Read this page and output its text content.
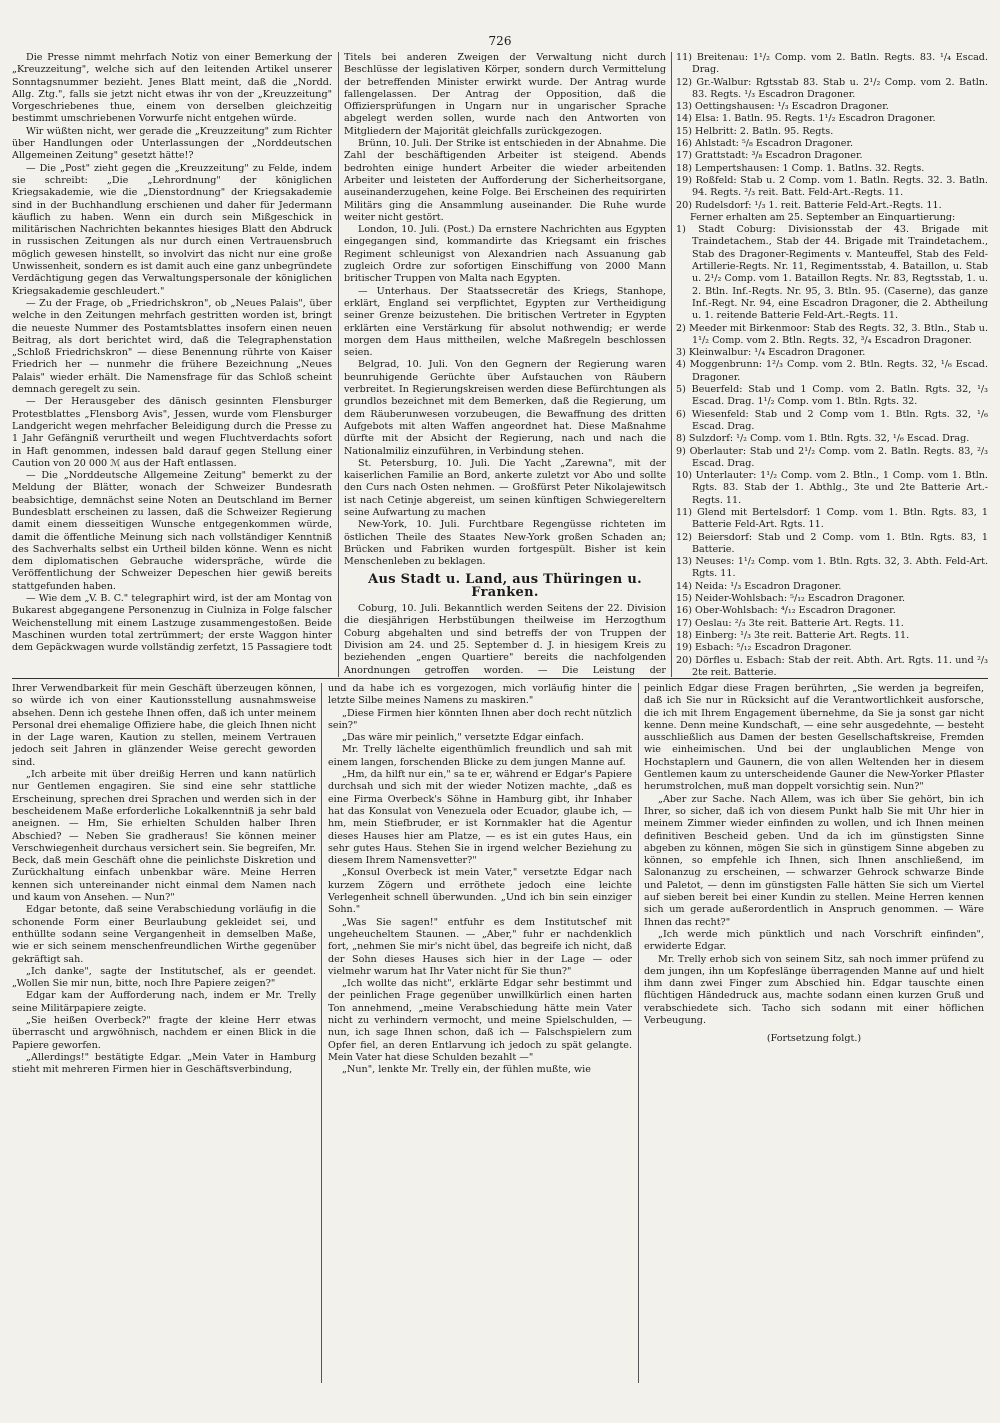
726

Die Presse nimmt mehrfach Notiz von einer Bemerkung der „Kreuzzeitung", welche sich auf den leitenden Artikel unserer Sonntagsnummer bezieht. Jenes Blatt meint, daß die „Nordd. Allg. Ztg.", falls sie jetzt nicht etwas ihr von der „Kreuzzeitung" Vorgeschriebenes thue, einem von derselben gleichzeitig bestimmt umschriebenen Vorwurfe nicht entgehen würde.

Wir wüßten nicht, wer gerade die „Kreuzzeitung" zum Richter über Handlungen oder Unterlassungen der „Norddeutschen Allgemeinen Zeitung" gesetzt hätte!?

— Die „Post" zieht gegen die „Kreuzzeitung" zu Felde, indem sie schreibt: „Die „Lehrordnung" der königlichen Kriegsakademie, wie die „Dienstordnung" der Kriegsakademie sind in der Buchhandlung erschienen und daher für Jedermann käuflich zu haben. Wenn ein durch sein Mißgeschick in militärischen Nachrichten bekanntes hiesiges Blatt den Abdruck in russischen Zeitungen als nur durch einen Vertrauensbruch möglich gewesen hinstellt, so involvirt das nicht nur eine große Unwissenheit, sondern es ist damit auch eine ganz unbegründete Verdächtigung gegen das Verwaltungspersonale der königlichen Kriegsakademie geschleudert."

— Zu der Frage, ob „Friedrichskron", ob „Neues Palais", über welche in den Zeitungen mehrfach gestritten worden ist, bringt die neueste Nummer des Postamtsblattes insofern einen neuen Beitrag, als dort berichtet wird, daß die Telegraphenstation „Schloß Friedrichskron" — diese Benennung rührte von Kaiser Friedrich her — nunmehr die frühere Bezeichnung „Neues Palais" wieder erhält. Die Namensfrage für das Schloß scheint demnach geregelt zu sein.

— Der Herausgeber des dänisch gesinnten Flensburger Protestblattes „Flensborg Avis", Jessen, wurde vom Flensburger Landgericht wegen mehrfacher Beleidigung durch die Presse zu 1 Jahr Gefängniß verurtheilt und wegen Fluchtverdachts sofort in Haft genommen, indessen bald darauf gegen Stellung einer Caution von 20 000 ℳ aus der Haft entlassen.

— Die „Norddeutsche Allgemeine Zeitung" bemerkt zu der Meldung der Blätter, wonach der Schweizer Bundesrath beabsichtige, demnächst seine Noten an Deutschland im Berner Bundesblatt erscheinen zu lassen, daß die Schweizer Regierung damit einem diesseitigen Wunsche entgegenkommen würde, damit die öffentliche Meinung sich nach vollständiger Kenntniß des Sachverhalts selbst ein Urtheil bilden könne. Wenn es nicht dem diplomatischen Gebrauche widerspräche, würde die Veröffentlichung der Schweizer Depeschen hier gewiß bereits stattgefunden haben.

— Wie dem „V. B. C." telegraphirt wird, ist der am Montag von Bukarest abgegangene Personenzug in Ciulniza in Folge falscher Weichenstellung mit einem Lastzuge zusammengestoßen. Beide Maschinen wurden total zertrümmert; der erste Waggon hinter dem Gepäckwagen wurde vollständig zerfetzt, 15 Passagiere todt

Titels bei anderen Zweigen der Verwaltung nicht durch Beschlüsse der legislativen Körper, sondern durch Vermittelung der betreffenden Minister erwirkt wurde. Der Antrag wurde fallengelassen. Der Antrag der Opposition, daß die Offiziersprüfungen in Ungarn nur in ungarischer Sprache abgelegt werden sollen, wurde nach den Antworten von Mitgliedern der Majorität gleichfalls zurückgezogen.

Brünn, 10. Juli. Der Strike ist entschieden in der Abnahme. Die Zahl der beschäftigenden Arbeiter ist steigend. Abends bedrohten einige hundert Arbeiter die wieder arbeitenden Arbeiter und leisteten der Aufforderung der Sicherheitsorgane, auseinanderzugehen, keine Folge. Bei Erscheinen des requirirten Militärs ging die Ansammlung auseinander. Die Ruhe wurde weiter nicht gestört.

London, 10. Juli. (Post.) Da ernstere Nachrichten aus Egypten eingegangen sind, kommandirte das Kriegsamt ein frisches Regiment schleunigst von Alexandrien nach Assuanung gab zugleich Ordre zur sofortigen Einschiffung von 2000 Mann britischer Truppen von Malta nach Egypten.

— Unterhaus. Der Staatssecretär des Kriegs, Stanhope, erklärt, England sei verpflichtet, Egypten zur Vertheidigung seiner Grenze beizustehen. Die britischen Vertreter in Egypten erklärten eine Verstärkung für absolut nothwendig; er werde morgen dem Haus mittheilen, welche Maßregeln beschlossen seien.

Belgrad, 10. Juli. Von den Gegnern der Regierung waren beunruhigende Gerüchte über Aufstauchen von Räubern verbreitet. In Regierungskreisen werden diese Befürchtungen als grundlos bezeichnet mit dem Bemerken, daß die Regierung, um dem Räuberunwesen vorzubeugen, die Bewaffnung des dritten Aufgebots mit alten Waffen angeordnet hat. Diese Maßnahme dürfte mit der Absicht der Regierung, nach und nach die Nationalmiliz einzuführen, in Verbindung stehen.

St. Petersburg, 10. Juli. Die Yacht „Zarewna", mit der kaiserlichen Familie an Bord, ankerte zuletzt vor Abo und sollte den Curs nach Osten nehmen. — Großfürst Peter Nikolajewitsch ist nach Cetinje abgereist, um seinen künftigen Schwiegereltern seine Aufwartung zu machen

New-York, 10. Juli. Furchtbare Regengüsse richteten im östlichen Theile des Staates New-York großen Schaden an; Brücken und Fabriken wurden fortgespült. Bisher ist kein Menschenleben zu beklagen.

Aus Stadt u. Land, aus Thüringen u. Franken.

Coburg, 10. Juli. Bekanntlich werden Seitens der 22. Division die diesjährigen Herbstübungen theilweise im Herzogthum Coburg abgehalten und sind betreffs der von Truppen der Division am 24. und 25. September d. J. in hiesigem Kreis zu beziehenden „engen Quartiere" bereits die nachfolgenden Anordnungen getroffen worden. — Die Leistung der

11) Breitenau: 1¹/₂ Comp. vom 2. Batln. Regts. 83. ¹/₄ Escad. Drag.

12) Gr.-Walbur: Rgtsstab 83. Stab u. 2¹/₂ Comp. vom 2. Batln. 83. Regts. ¹/₃ Escadron Dragoner.

13) Oettingshausen: ¹/₃ Escadron Dragoner.

14) Elsa: 1. Batln. 95. Regts. 1¹/₂ Escadron Dragoner.

15) Helbritt: 2. Batln. 95. Regts.

16) Ahlstadt: ⁵/₈ Escadron Dragoner.

17) Grattstadt: ³/₈ Escadron Dragoner.

18) Lempertshausen: 1 Comp. 1. Batlns. 32. Regts.

19) Roßfeld: Stab u. 2 Comp. vom 1. Batln. Regts. 32. 3. Batln. 94. Regts. ²/₃ reit. Batt. Feld-Art.-Regts. 11.

20) Rudelsdorf: ¹/₃ 1. reit. Batterie Feld-Art.-Regts. 11.

Ferner erhalten am 25. September an Einquartierung:

1) Stadt Coburg: Divisionsstab der 43. Brigade mit Traindetachem., Stab der 44. Brigade mit Traindetachem., Stab des Dragoner-Regiments v. Manteuffel, Stab des Feld-Artillerie-Regts. Nr. 11, Regimentsstab, 4. Bataillon, u. Stab u. 2¹/₂ Comp. vom 1. Bataillon Regts. Nr. 83, Regtsstab, 1. u. 2. Btln. Inf.-Regts. Nr. 95, 3. Btln. 95. (Caserne), das ganze Inf.-Regt. Nr. 94, eine Escadron Dragoner, die 2. Abtheilung u. 1. reitende Batterie Feld-Art.-Regts. 11.

2) Meeder mit Birkenmoor: Stab des Regts. 32, 3. Btln., Stab u. 1¹/₂ Comp. vom 2. Btln. Regts. 32, ³/₄ Escadron Dragoner.

3) Kleinwalbur: ¹/₄ Escadron Dragoner.

4) Moggenbrunn: 1²/₃ Comp. vom 2. Btln. Regts. 32, ¹/₆ Escad. Dragoner.

5) Beuerfeld: Stab und 1 Comp. vom 2. Batln. Rgts. 32, ¹/₃ Escad. Drag. 1¹/₂ Comp. vom 1. Btln. Rgts. 32.

6) Wiesenfeld: Stab und 2 Comp vom 1. Btln. Rgts. 32, ¹/₆ Escad. Drag.

8) Sulzdorf: ¹/₂ Comp. vom 1. Btln. Rgts. 32, ¹/₆ Escad. Drag.

9) Oberlauter: Stab und 2¹/₂ Comp. vom 2. Batln. Regts. 83, ²/₃ Escad. Drag.

10) Unterlauter: 1¹/₂ Comp. vom 2. Btln., 1 Comp. vom 1. Btln. Rgts. 83. Stab der 1. Abthlg., 3te und 2te Batterie Art.-Regts. 11.

11) Glend mit Bertelsdorf: 1 Comp. vom 1. Btln. Rgts. 83, 1 Batterie Feld-Art. Rgts. 11.

12) Beiersdorf: Stab und 2 Comp. vom 1. Btln. Rgts. 83, 1 Batterie.

13) Neuses: 1¹/₂ Comp. vom 1. Btln. Rgts. 32, 3. Abth. Feld-Art. Rgts. 11.

14) Neida: ¹/₃ Escadron Dragoner.

15) Neider-Wohlsbach: ⁵/₁₂ Escadron Dragoner.

16) Ober-Wohlsbach: ⁴/₁₂ Escadron Dragoner.

17) Oeslau: ²/₃ 3te reit. Batterie Art. Regts. 11.

18) Einberg: ¹/₃ 3te reit. Batterie Art. Regts. 11.

19) Esbach: ⁵/₁₂ Escadron Dragoner.

20) Dörfles u. Esbach: Stab der reit. Abth. Art. Rgts. 11. und ²/₃ 2te reit. Batterie.

Ihrer Verwendbarkeit für mein Geschäft überzeugen können, so würde ich von einer Kautionsstellung ausnahmsweise absehen. Denn ich gestehe Ihnen offen, daß ich unter meinem Personal drei ehemalige Offiziere habe, die gleich Ihnen nicht in der Lage waren, Kaution zu stellen, meinem Vertrauen jedoch seit Jahren in glänzender Weise gerecht geworden sind.

„Ich arbeite mit über dreißig Herren und kann natürlich nur Gentlemen engagiren. Sie sind eine sehr stattliche Erscheinung, sprechen drei Sprachen und werden sich in der bescheidenem Maße erforderliche Lokalkenntniß ja sehr bald aneignen. — Hm, Sie erhielten Schulden halber Ihren Abschied? — Neben Sie gradheraus! Sie können meiner Verschwiegenheit durchaus versichert sein. Sie begreifen, Mr. Beck, daß mein Geschäft ohne die peinlichste Diskretion und Zurückhaltung einfach unbenkbar wäre. Meine Herren kennen sich untereinander nicht einmal dem Namen nach und kaum von Ansehen. — Nun?"

Edgar betonte, daß seine Verabschiedung vorläufig in die schonende Form einer Beurlaubung gekleidet sei, und enthüllte sodann seine Vergangenheit in demselben Maße, wie er sich seinem menschenfreundlichen Wirthe gegenüber gekräftigt sah.

„Ich danke", sagte der Institutschef, als er geendet. „Wollen Sie mir nun, bitte, noch Ihre Papiere zeigen?"

Edgar kam der Aufforderung nach, indem er Mr. Trelly seine Militärpapiere zeigte.

„Sie heißen Overbeck?" fragte der kleine Herr etwas überrascht und argwöhnisch, nachdem er einen Blick in die Papiere geworfen.

„Allerdings!" bestätigte Edgar. „Mein Vater in Hamburg stieht mit mehreren Firmen hier in Geschäftsverbindung,

und da habe ich es vorgezogen, mich vorläufig hinter die letzte Silbe meines Namens zu maskiren."

„Diese Firmen hier könnten Ihnen aber doch recht nützlich sein?"

„Das wäre mir peinlich," versetzte Edgar einfach.

Mr. Trelly lächelte eigenthümlich freundlich und sah mit einem langen, forschenden Blicke zu dem jungen Manne auf.

„Hm, da hilft nur ein," sa te er, während er Edgar's Papiere durchsah und sich mit der wieder Notizen machte, „daß es eine Firma Overbeck's Söhne in Hamburg gibt, ihr Inhaber hat das Konsulat von Venezuela oder Ecuador, glaube ich, — hm, mein Stiefbruder, er ist Kornmakler hat die Agentur dieses Hauses hier am Platze, — es ist ein gutes Haus, ein sehr gutes Haus. Stehen Sie in irgend welcher Beziehung zu diesem Ihrem Namensvetter?"

„Konsul Overbeck ist mein Vater," versetzte Edgar nach kurzem Zögern und erröthete jedoch eine leichte Verlegenheit schnell überwunden. „Und ich bin sein einziger Sohn."

„Was Sie sagen!" entfuhr es dem Institutschef mit ungeheucheltem Staunen. — „Aber," fuhr er nachdenklich fort, „nehmen Sie mir's nicht übel, das begreife ich nicht, daß der Sohn dieses Hauses sich hier in der Lage — oder vielmehr warum hat Ihr Vater nicht für Sie thun?"

„Ich wollte das nicht", erklärte Edgar sehr bestimmt und der peinlichen Frage gegenüber unwillkürlich einen harten Ton annehmend, „meine Verabschiedung hätte mein Vater nicht zu verhindern vermocht, und meine Spielschulden, — nun, ich sage Ihnen schon, daß ich — Falschspielern zum Opfer fiel, an deren Entlarvung ich jedoch zu spät gelangte. Mein Vater hat diese Schulden bezahlt —"

„Nun", lenkte Mr. Trelly ein, der fühlen mußte, wie

peinlich Edgar diese Fragen berührten, „Sie werden ja begreifen, daß ich Sie nur in Rücksicht auf die Verantwortlichkeit ausforsche, die ich mit Ihrem Engagement übernehme, da Sie ja sonst gar nicht kenne. Denn meine Kundschaft, — eine sehr ausgedehnte, — besteht ausschließlich aus Damen der besten Gesellschaftskreise, Fremden wie einheimischen. Und bei der unglaublichen Menge von Hochstaplern und Gaunern, die von allen Weltenden her in diesem Gentlemen kaum zu unterscheidende Gauner die New-Yorker Pflaster herumstrolchen, muß man doppelt vorsichtig sein. Nun?"

„Aber zur Sache. Nach Allem, was ich über Sie gehört, bin ich Ihrer, so sicher, daß ich von diesem Punkt halb Sie mit Uhr hier in meinem Zimmer wieder einfinden zu wollen, und ich Ihnen meinen definitiven Bescheid geben. Und da ich im günstigsten Sinne abgeben zu können, mögen Sie sich in günstigem Sinne abgeben zu können, so empfehle ich Ihnen, sich Ihnen anschließend, im Salonanzug zu erscheinen, — schwarzer Gehrock schwarze Binde und Paletot, — denn im günstigsten Falle hätten Sie sich um Viertel auf sieben bereit bei einer Kundin zu stellen. Meine Herren kennen sich um gerade außerordentlich in Anspruch genommen. — Wäre Ihnen das recht?"

„Ich werde mich pünktlich und nach Vorschrift einfinden", erwiderte Edgar.

Mr. Trelly erhob sich von seinem Sitz, sah noch immer prüfend zu dem jungen, ihn um Kopfeslänge überragenden Manne auf und hielt ihm dann zwei Finger zum Abschied hin. Edgar tauschte einen flüchtigen Händedruck aus, machte sodann einen kurzen Gruß und verabschiedete sich. Tacho sich sodann mit einer höflichen Verbeugung.

(Fortsetzung folgt.)
